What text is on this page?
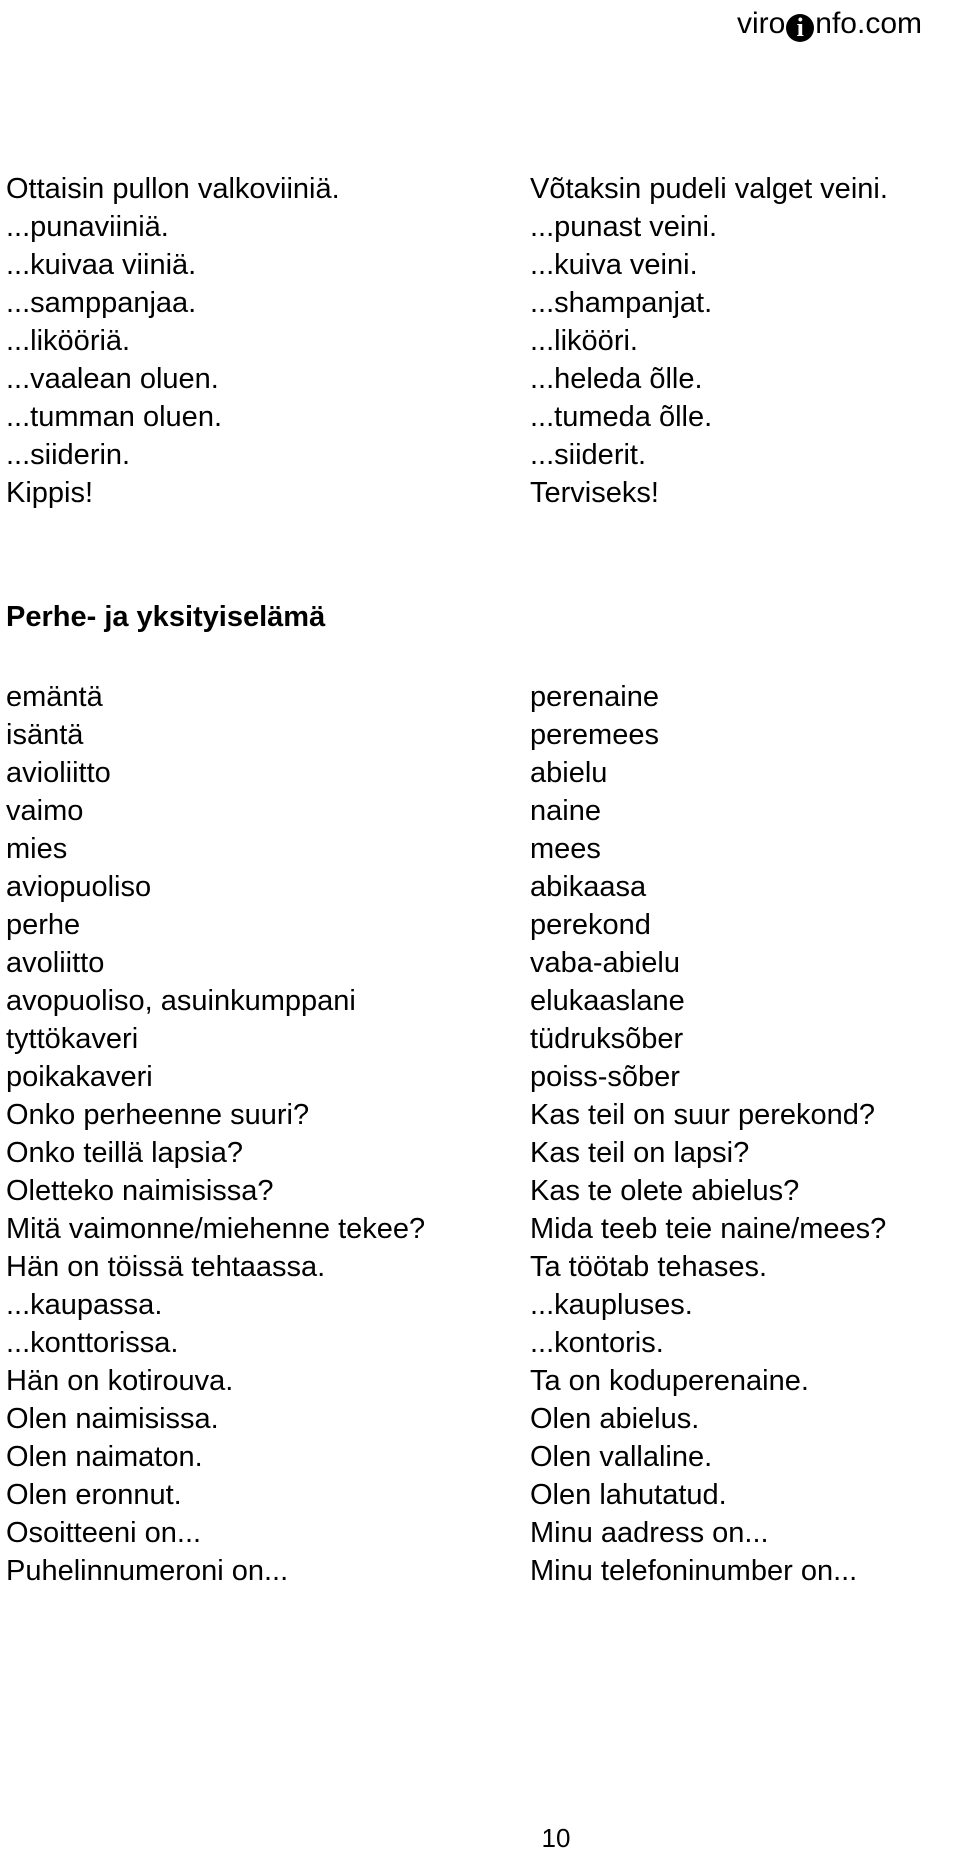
viro i nfo.com
Ottaisin pullon valkoviiniä.	Võtaksin pudeli valget veini.
...punaviiniä.	...punast veini.
...kuivaa viiniä.	...kuiva veini.
...samppanjaa.	...shampanjat.
...likööriä.	...likööri.
...vaalean oluen.	...heleda õlle.
...tumman oluen.	...tumeda õlle.
...siiderin.	...siiderit.
Kippis!	Terviseks!
Perhe- ja yksityiselämä
emäntä	perenaine
isäntä	peremees
avioliitto	abielu
vaimo	naine
mies	mees
aviopuoliso	abikaasa
perhe	perekond
avoliitto	vaba-abielu
avopuoliso, asuinkumppani	elukaaslane
tyttökaveri	tüdruksõber
poikakaveri	poiss-sõber
Onko perheenne suuri?	Kas teil on suur perekond?
Onko teillä lapsia?	Kas teil on lapsi?
Oletteko naimisissa?	Kas te olete abielus?
Mitä vaimonne/miehenne tekee?	Mida teeb teie naine/mees?
Hän on töissä tehtaassa.	Ta töötab tehases.
...kaupassa.	...kaupluses.
...konttorissa.	...kontoris.
Hän on kotirouva.	Ta on koduperenaine.
Olen naimisissa.	Olen abielus.
Olen naimaton.	Olen vallaline.
Olen eronnut.	Olen lahutatud.
Osoitteeni on...	Minu aadress on...
Puhelinnumeroni on...	Minu telefoninumber on...
10
